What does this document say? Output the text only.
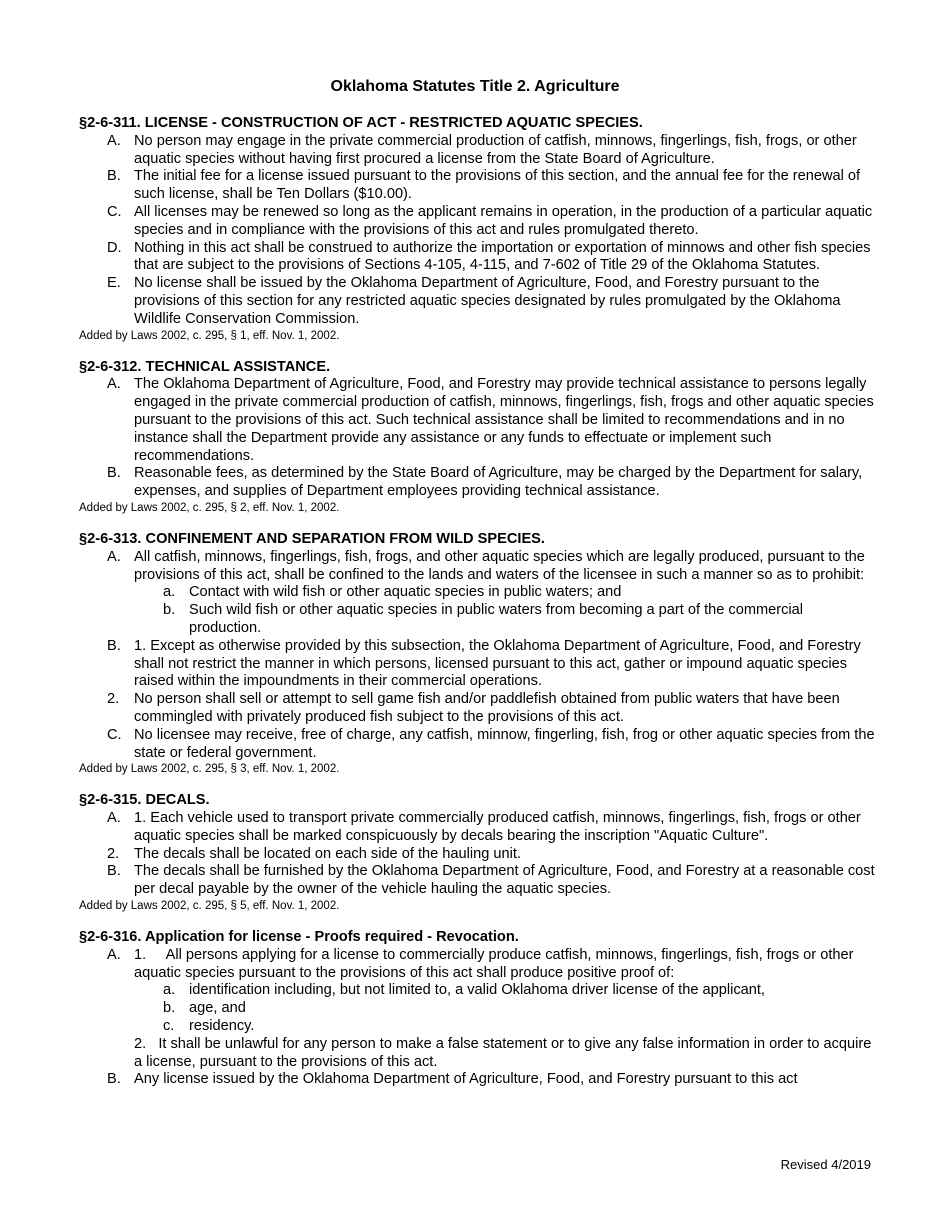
Oklahoma Statutes Title 2. Agriculture
§2-6-311. LICENSE - CONSTRUCTION OF ACT - RESTRICTED AQUATIC SPECIES.
A. No person may engage in the private commercial production of catfish, minnows, fingerlings, fish, frogs, or other aquatic species without having first procured a license from the State Board of Agriculture.
B. The initial fee for a license issued pursuant to the provisions of this section, and the annual fee for the renewal of such license, shall be Ten Dollars ($10.00).
C. All licenses may be renewed so long as the applicant remains in operation, in the production of a particular aquatic species and in compliance with the provisions of this act and rules promulgated thereto.
D. Nothing in this act shall be construed to authorize the importation or exportation of minnows and other fish species that are subject to the provisions of Sections 4-105, 4-115, and 7-602 of Title 29 of the Oklahoma Statutes.
E. No license shall be issued by the Oklahoma Department of Agriculture, Food, and Forestry pursuant to the provisions of this section for any restricted aquatic species designated by rules promulgated by the Oklahoma Wildlife Conservation Commission.
Added by Laws 2002, c. 295, § 1, eff. Nov. 1, 2002.
§2-6-312. TECHNICAL ASSISTANCE.
A. The Oklahoma Department of Agriculture, Food, and Forestry may provide technical assistance to persons legally engaged in the private commercial production of catfish, minnows, fingerlings, fish, frogs and other aquatic species pursuant to the provisions of this act. Such technical assistance shall be limited to recommendations and in no instance shall the Department provide any assistance or any funds to effectuate or implement such recommendations.
B. Reasonable fees, as determined by the State Board of Agriculture, may be charged by the Department for salary, expenses, and supplies of Department employees providing technical assistance.
Added by Laws 2002, c. 295, § 2, eff. Nov. 1, 2002.
§2-6-313. CONFINEMENT AND SEPARATION FROM WILD SPECIES.
A. All catfish, minnows, fingerlings, fish, frogs, and other aquatic species which are legally produced, pursuant to the provisions of this act, shall be confined to the lands and waters of the licensee in such a manner so as to prohibit:
a. Contact with wild fish or other aquatic species in public waters; and
b. Such wild fish or other aquatic species in public waters from becoming a part of the commercial production.
B. 1. Except as otherwise provided by this subsection, the Oklahoma Department of Agriculture, Food, and Forestry shall not restrict the manner in which persons, licensed pursuant to this act, gather or impound aquatic species raised within the impoundments in their commercial operations.
2. No person shall sell or attempt to sell game fish and/or paddlefish obtained from public waters that have been commingled with privately produced fish subject to the provisions of this act.
C. No licensee may receive, free of charge, any catfish, minnow, fingerling, fish, frog or other aquatic species from the state or federal government.
Added by Laws 2002, c. 295, § 3, eff. Nov. 1, 2002.
§2-6-315. DECALS.
A. 1. Each vehicle used to transport private commercially produced catfish, minnows, fingerlings, fish, frogs or other aquatic species shall be marked conspicuously by decals bearing the inscription "Aquatic Culture".
2. The decals shall be located on each side of the hauling unit.
B. The decals shall be furnished by the Oklahoma Department of Agriculture, Food, and Forestry at a reasonable cost per decal payable by the owner of the vehicle hauling the aquatic species.
Added by Laws 2002, c. 295, § 5, eff. Nov. 1, 2002.
§2-6-316. Application for license - Proofs required - Revocation.
A. 1.     All persons applying for a license to commercially produce catfish, minnows, fingerlings, fish, frogs or other aquatic species pursuant to the provisions of this act shall produce positive proof of:
a. identification including, but not limited to, a valid Oklahoma driver license of the applicant,
b. age, and
c. residency.
2.   It shall be unlawful for any person to make a false statement or to give any false information in order to acquire a license, pursuant to the provisions of this act.
B. Any license issued by the Oklahoma Department of Agriculture, Food, and Forestry pursuant to this act
Revised 4/2019
